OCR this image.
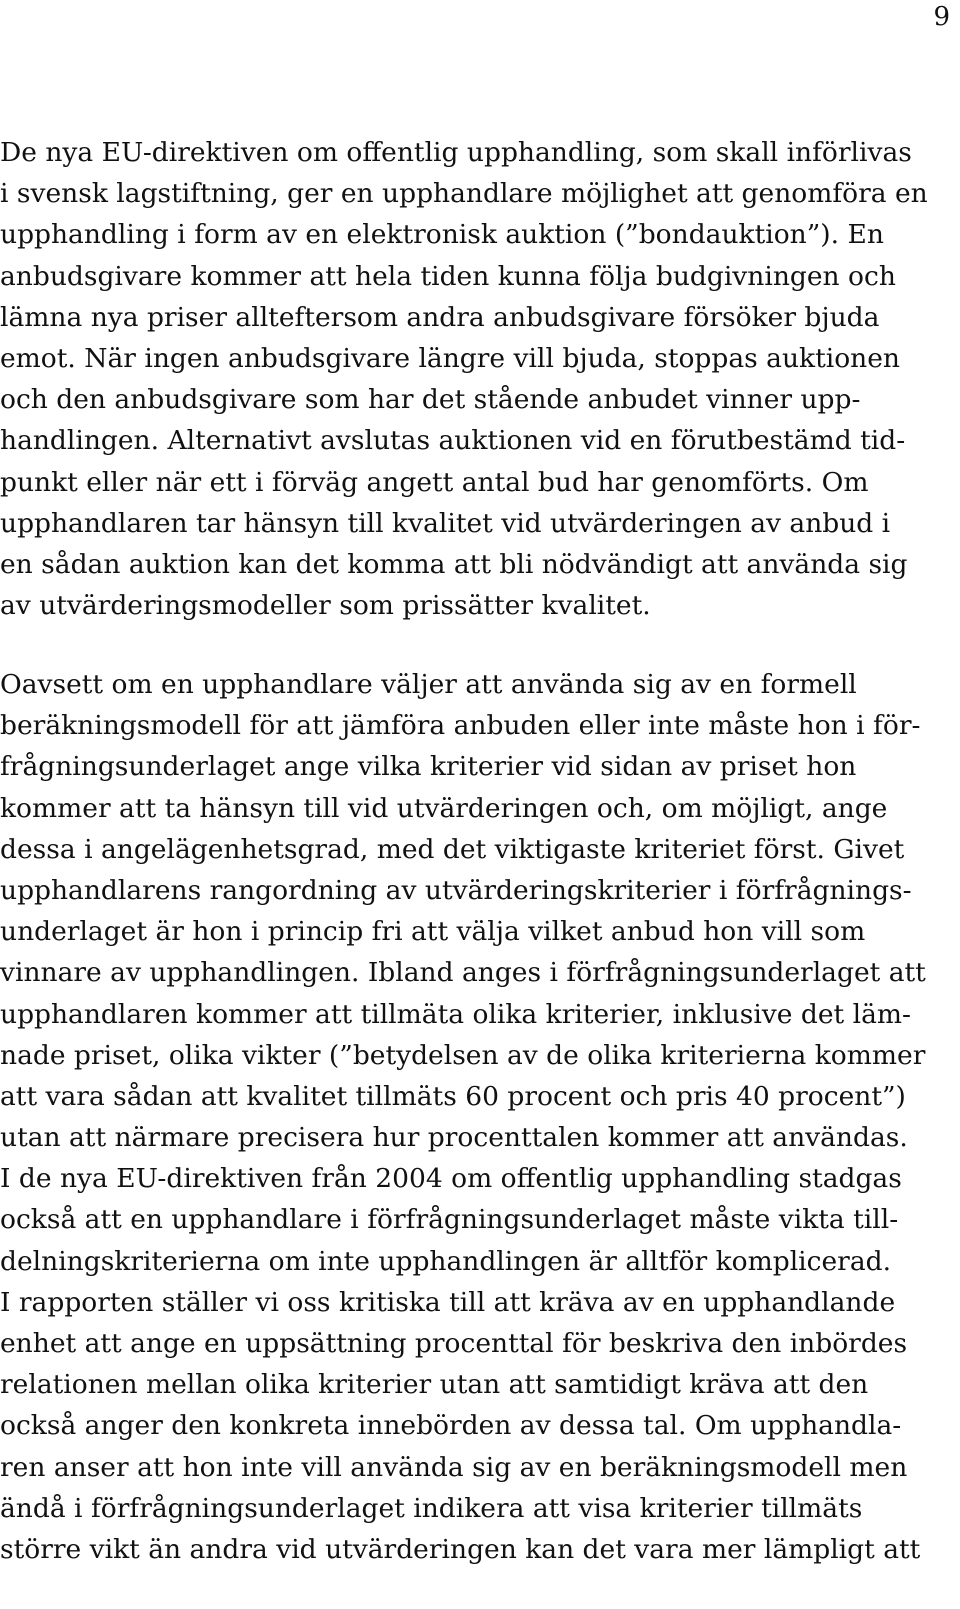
9
De nya EU-direktiven om offentlig upphandling, som skall införlivas
i svensk lagstiftning, ger en upphandlare möjlighet att genomföra en
upphandling i form av en elektronisk auktion (”bondauktion”). En
anbudsgivare kommer att hela tiden kunna följa budgivningen och
lämna nya priser allteftersom andra anbudsgivare försöker bjuda
emot. När ingen anbudsgivare längre vill bjuda, stoppas auktionen
och den anbudsgivare som har det stående anbudet vinner upp-
handlingen. Alternativt avslutas auktionen vid en förutbestämd tid-
punkt eller när ett i förväg angett antal bud har genomförts. Om
upphandlaren tar hänsyn till kvalitet vid utvärderingen av anbud i
en sådan auktion kan det komma att bli nödvändigt att använda sig
av utvärderingsmodeller som prissätter kvalitet.
Oavsett om en upphandlare väljer att använda sig av en formell
beräkningsmodell för att jämföra anbuden eller inte måste hon i för-
frågningsunderlaget ange vilka kriterier vid sidan av priset hon
kommer att ta hänsyn till vid utvärderingen och, om möjligt, ange
dessa i angelägenhetsgrad, med det viktigaste kriteriet först. Givet
upphandlarens rangordning av utvärderingskriterier i förfrågnings-
underlaget är hon i princip fri att välja vilket anbud hon vill som
vinnare av upphandlingen. Ibland anges i förfrågningsunderlaget att
upphandlaren kommer att tillmäta olika kriterier, inklusive det läm-
nade priset, olika vikter (”betydelsen av de olika kriterierna kommer
att vara sådan att kvalitet tillmäts 60 procent och pris 40 procent”)
utan att närmare precisera hur procenttalen kommer att användas.
I de nya EU-direktiven från 2004 om offentlig upphandling stadgas
också att en upphandlare i förfrågningsunderlaget måste vikta till-
delningskriterierna om inte upphandlingen är alltför komplicerad.
I rapporten ställer vi oss kritiska till att kräva av en upphandlande
enhet att ange en uppsättning procenttal för beskriva den inbördes
relationen mellan olika kriterier utan att samtidigt kräva att den
också anger den konkreta innebörden av dessa tal. Om upphandla-
ren anser att hon inte vill använda sig av en beräkningsmodell men
ändå i förfrågningsunderlaget indikera att visa kriterier tillmäts
större vikt än andra vid utvärderingen kan det vara mer lämpligt att
